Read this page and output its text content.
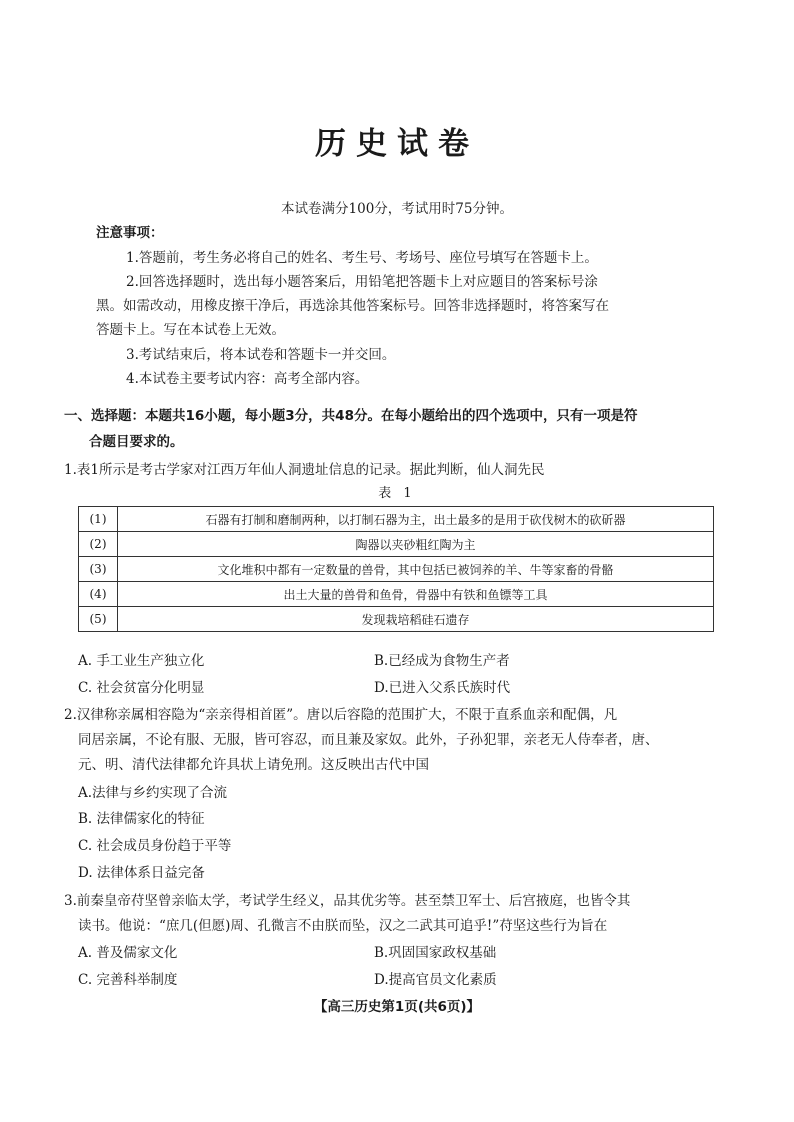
历史试卷
本试卷满分100分，考试用时75分钟。
注意事项：
1.答题前，考生务必将自己的姓名、考生号、考场号、座位号填写在答题卡上。
2.回答选择题时，选出每小题答案后，用铅笔把答题卡上对应题目的答案标号涂
黑。如需改动，用橡皮擦干净后，再选涂其他答案标号。回答非选择题时，将答案写在
答题卡上。写在本试卷上无效。
3.考试结束后，将本试卷和答题卡一并交回。
4.本试卷主要考试内容：高考全部内容。
一、选择题：本题共16小题，每小题3分，共48分。在每小题给出的四个选项中，只有一项是符
合题目要求的。
1.表1所示是考古学家对江西万年仙人洞遗址信息的记录。据此判断，仙人洞先民
表 1
(1)	石器有打制和磨制两种，以打制石器为主，出土最多的是用于砍伐树木的砍斫器
(2)	陶器以夹砂粗红陶为主
(3)	文化堆积中都有一定数量的兽骨，其中包括已被饲养的羊、牛等家畜的骨骼
(4)	出土大量的兽骨和鱼骨，骨器中有铁和鱼镖等工具
(5)	发现栽培稻硅石遗存
A. 手工业生产独立化	B.已经成为食物生产者
C. 社会贫富分化明显	D.已进入父系氏族时代
2.汉律称亲属相容隐为“亲亲得相首匿”。唐以后容隐的范围扩大，不限于直系血亲和配偶，凡
同居亲属，不论有服、无服，皆可容忍，而且兼及家奴。此外，子孙犯罪，亲老无人侍奉者，唐、
元、明、清代法律都允许具状上请免刑。这反映出古代中国
A.法律与乡约实现了合流
B. 法律儒家化的特征
C. 社会成员身份趋于平等
D. 法律体系日益完备
3.前秦皇帝苻坚曾亲临太学，考试学生经义，品其优劣等。甚至禁卫军士、后宫掖庭，也皆令其
读书。他说：“庶几(但愿)周、孔微言不由朕而坠，汉之二武其可追乎!”苻坚这些行为旨在
A. 普及儒家文化	B.巩固国家政权基础
C. 完善科举制度	D.提高官员文化素质
【高三历史第1页(共6页)】
